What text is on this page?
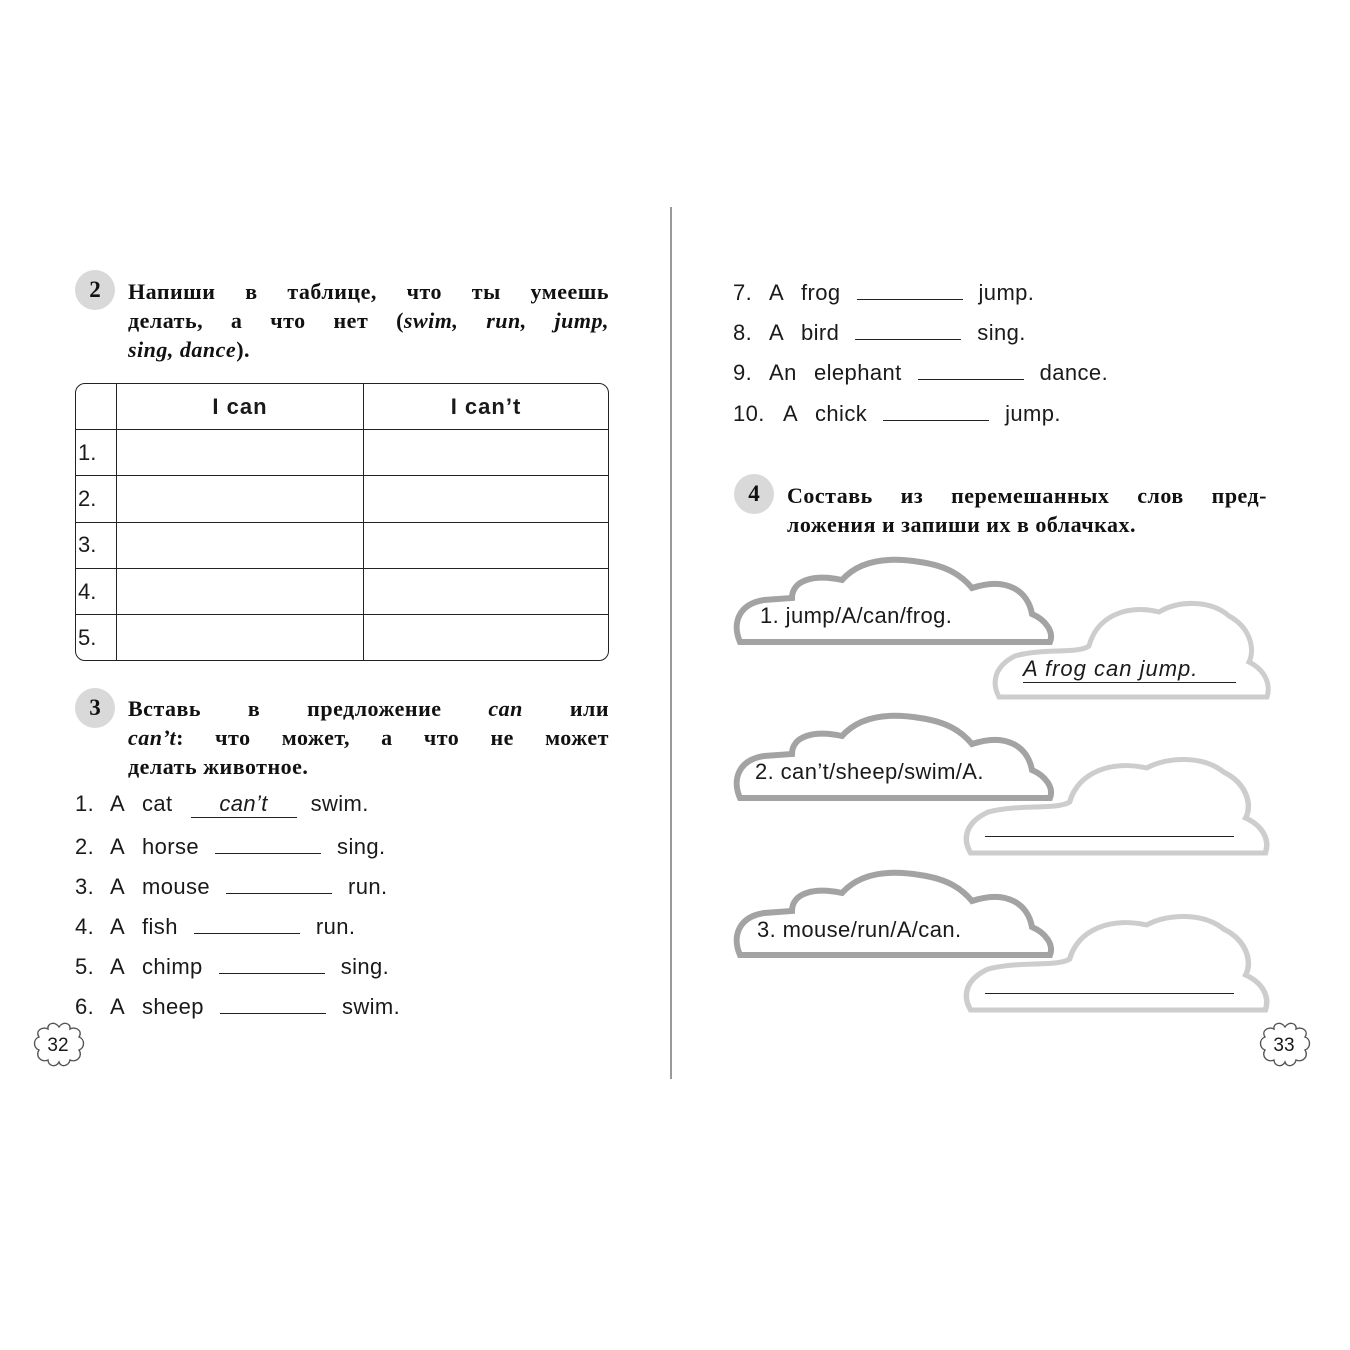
2	Напиши в таблице, что ты умеешь
делать, а что нет (swim, run, jump,
sing, dance).
	I can	I can’t
1.		
2.		
3.		
4.		
5.		
3	Вставь в предложение can или
can’t: что может, а что не может
делать животное.
1. A cat	can’t	swim.
2. A horse	sing.
3. A mouse	run.
4. A fish	run.
5. A chimp	sing.
6. A sheep	swim.
32
7. A frog	jump.
8. A bird	sing.
9. An elephant	dance.
10. A chick	jump.
4	Составь из перемешанных слов пред-
ложения и запиши их в облачках.
1. jump/A/can/frog.
A frog can jump.
2. can’t/sheep/swim/A.
3. mouse/run/A/can.
33
